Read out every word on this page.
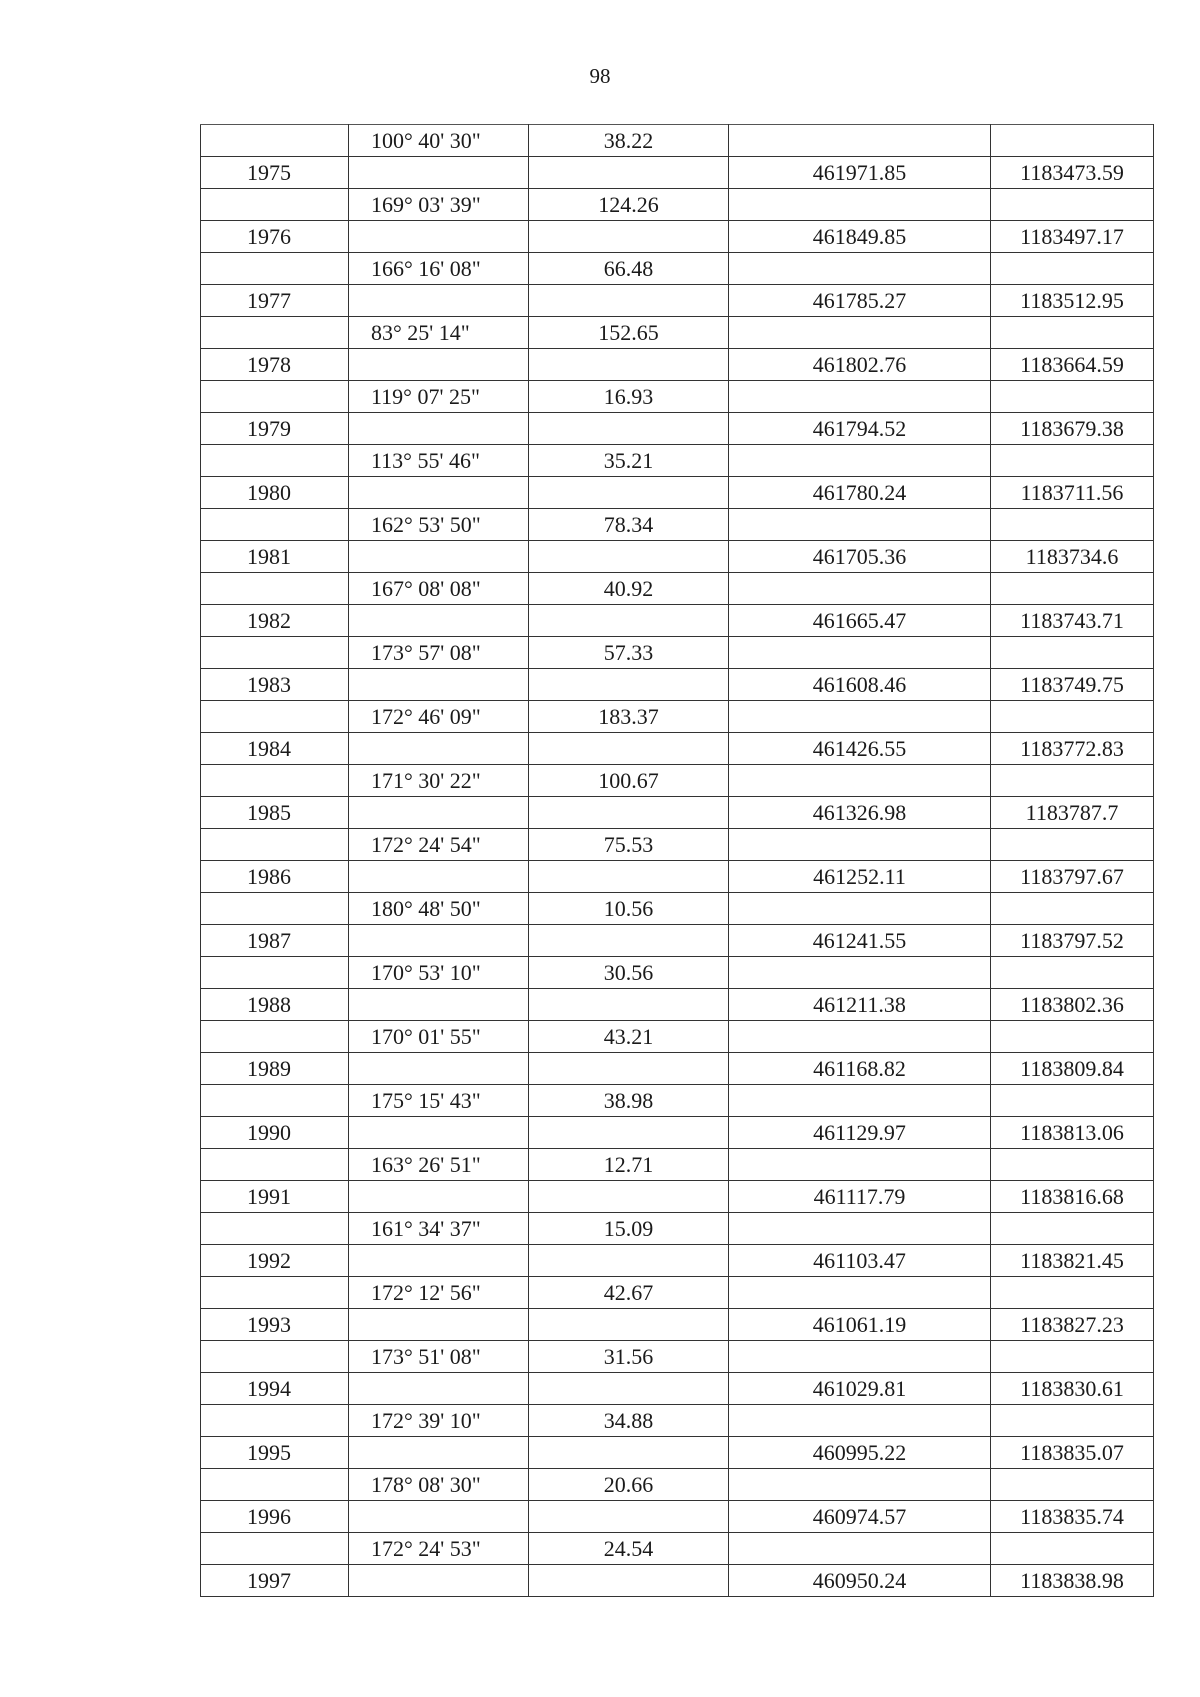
98
	100° 40' 30"	38.22		
1975			461971.85	1183473.59
	169° 03' 39"	124.26		
1976			461849.85	1183497.17
	166° 16' 08"	66.48		
1977			461785.27	1183512.95
	83° 25' 14"	152.65		
1978			461802.76	1183664.59
	119° 07' 25"	16.93		
1979			461794.52	1183679.38
	113° 55' 46"	35.21		
1980			461780.24	1183711.56
	162° 53' 50"	78.34		
1981			461705.36	1183734.6
	167° 08' 08"	40.92		
1982			461665.47	1183743.71
	173° 57' 08"	57.33		
1983			461608.46	1183749.75
	172° 46' 09"	183.37		
1984			461426.55	1183772.83
	171° 30' 22"	100.67		
1985			461326.98	1183787.7
	172° 24' 54"	75.53		
1986			461252.11	1183797.67
	180° 48' 50"	10.56		
1987			461241.55	1183797.52
	170° 53' 10"	30.56		
1988			461211.38	1183802.36
	170° 01' 55"	43.21		
1989			461168.82	1183809.84
	175° 15' 43"	38.98		
1990			461129.97	1183813.06
	163° 26' 51"	12.71		
1991			461117.79	1183816.68
	161° 34' 37"	15.09		
1992			461103.47	1183821.45
	172° 12' 56"	42.67		
1993			461061.19	1183827.23
	173° 51' 08"	31.56		
1994			461029.81	1183830.61
	172° 39' 10"	34.88		
1995			460995.22	1183835.07
	178° 08' 30"	20.66		
1996			460974.57	1183835.74
	172° 24' 53"	24.54		
1997			460950.24	1183838.98
